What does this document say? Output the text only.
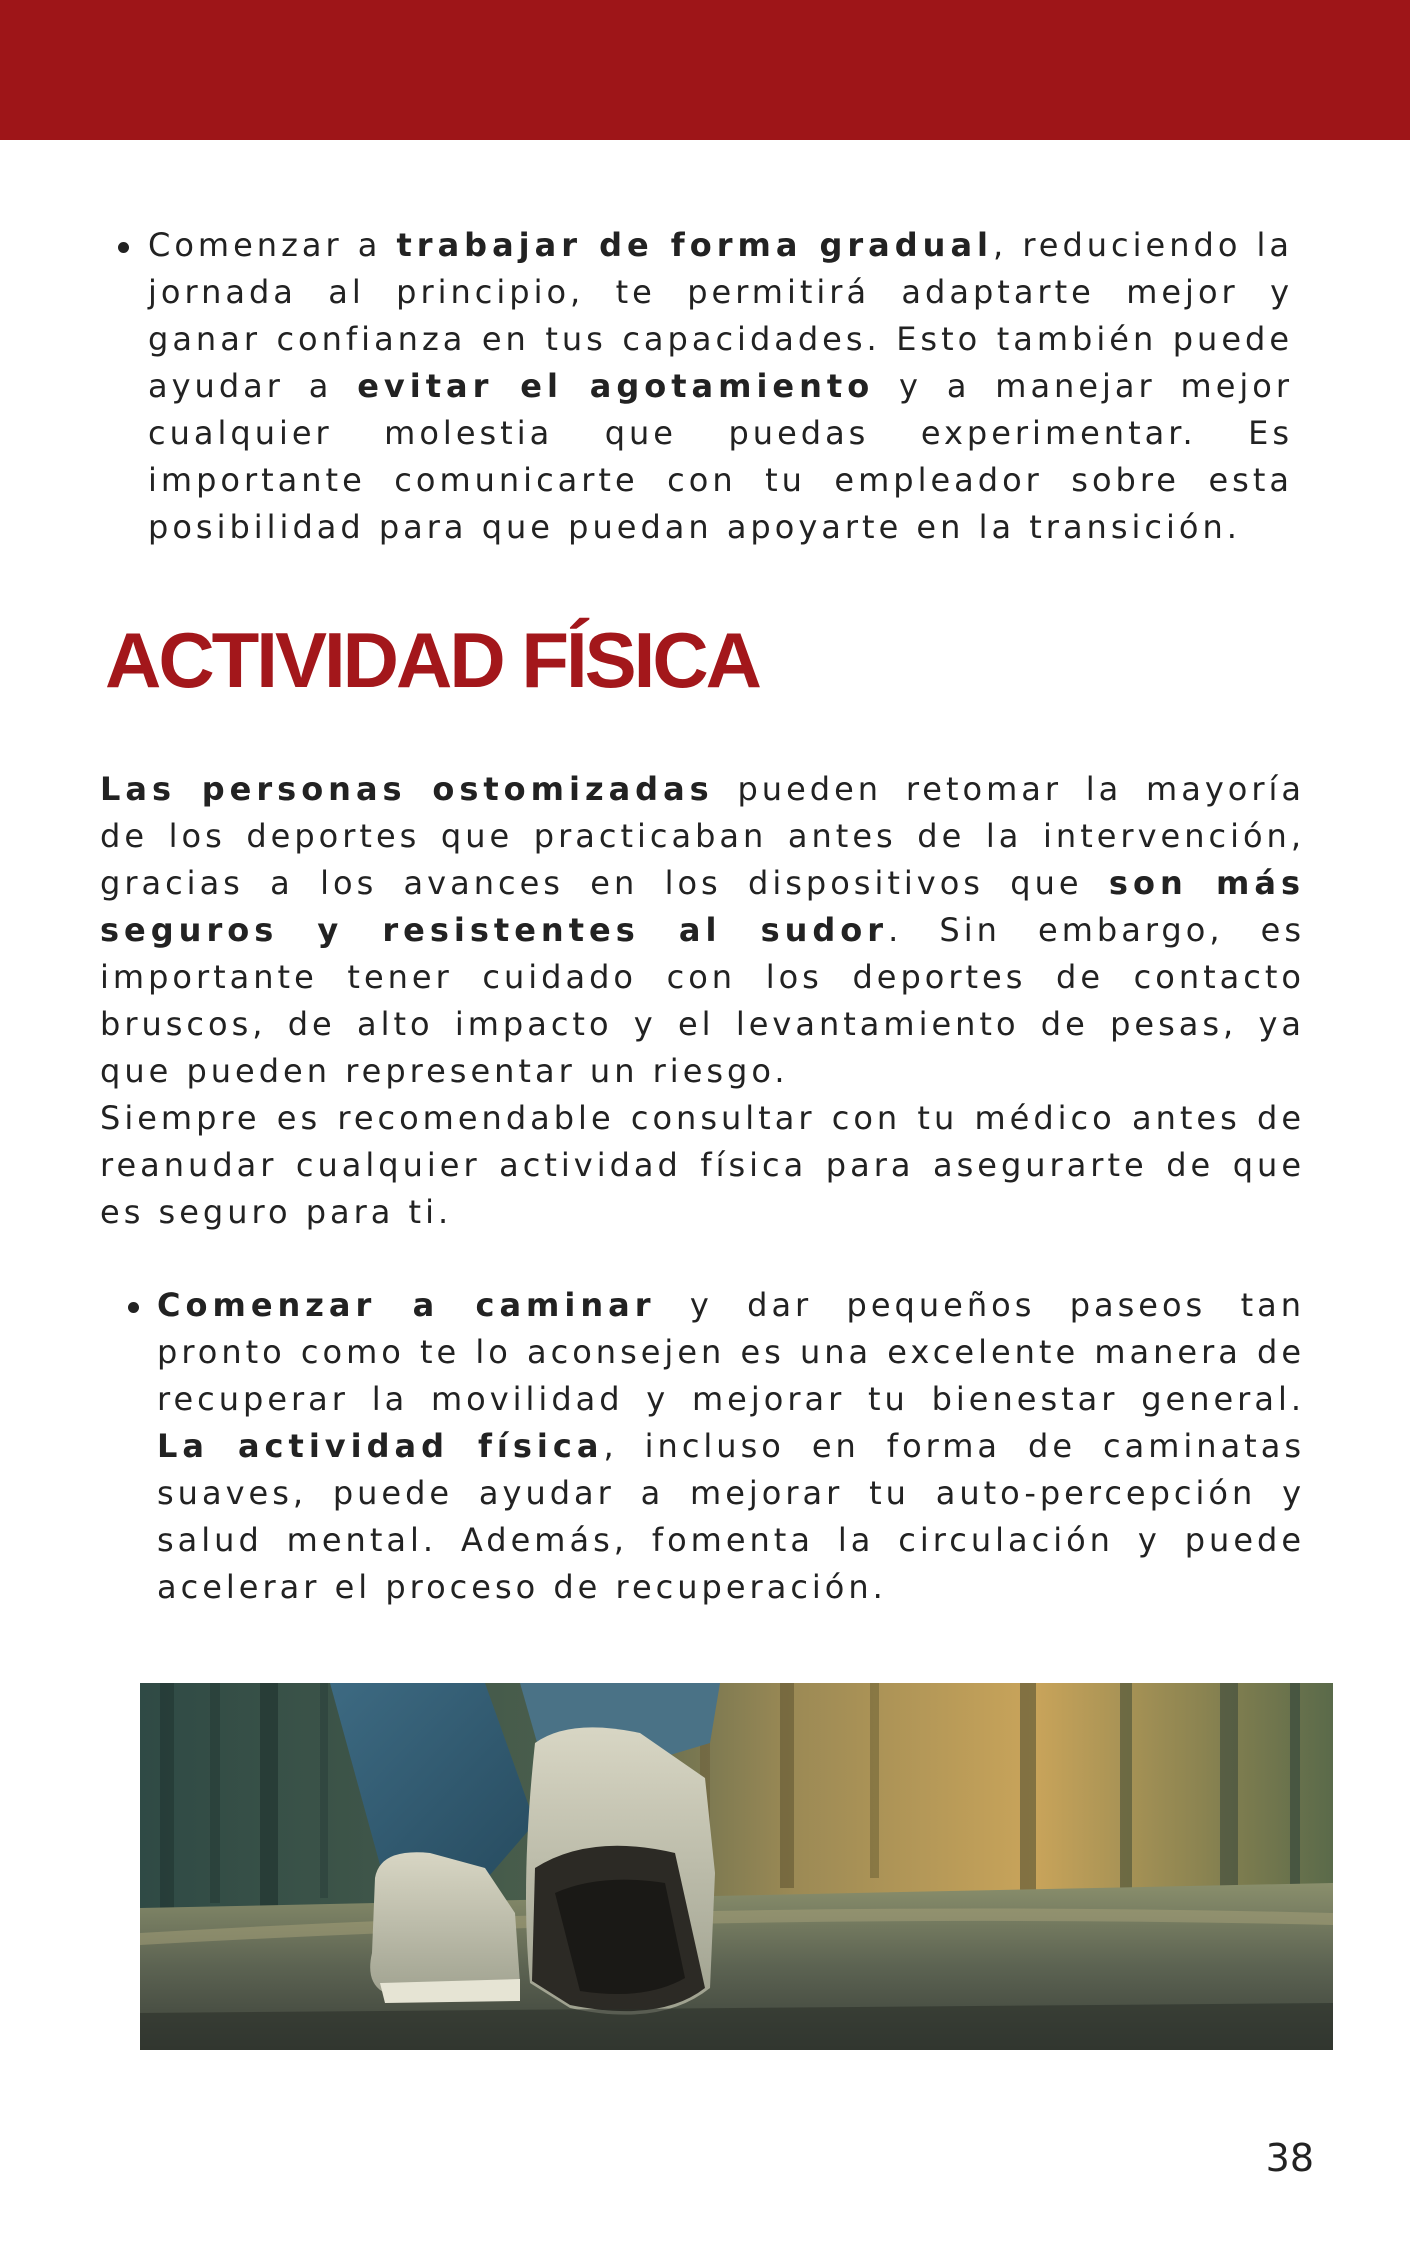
Comenzar a trabajar de forma gradual, reduciendo la jornada al principio, te permitirá adaptarte mejor y ganar confianza en tus capacidades. Esto también puede ayudar a evitar el agotamiento y a manejar mejor cualquier molestia que puedas experimentar. Es importante comunicarte con tu empleador sobre esta posibilidad para que puedan apoyarte en la transición.
ACTIVIDAD FÍSICA
Las personas ostomizadas pueden retomar la mayoría de los deportes que practicaban antes de la intervención, gracias a los avances en los dispositivos que son más seguros y resistentes al sudor. Sin embargo, es importante tener cuidado con los deportes de contacto bruscos, de alto impacto y el levantamiento de pesas, ya que pueden representar un riesgo.
Siempre es recomendable consultar con tu médico antes de reanudar cualquier actividad física para asegurarte de que es seguro para ti.
Comenzar a caminar y dar pequeños paseos tan pronto como te lo aconsejen es una excelente manera de recuperar la movilidad y mejorar tu bienestar general. La actividad física, incluso en forma de caminatas suaves, puede ayudar a mejorar tu auto-percepción y salud mental. Además, fomenta la circulación y puede acelerar el proceso de recuperación.
38
